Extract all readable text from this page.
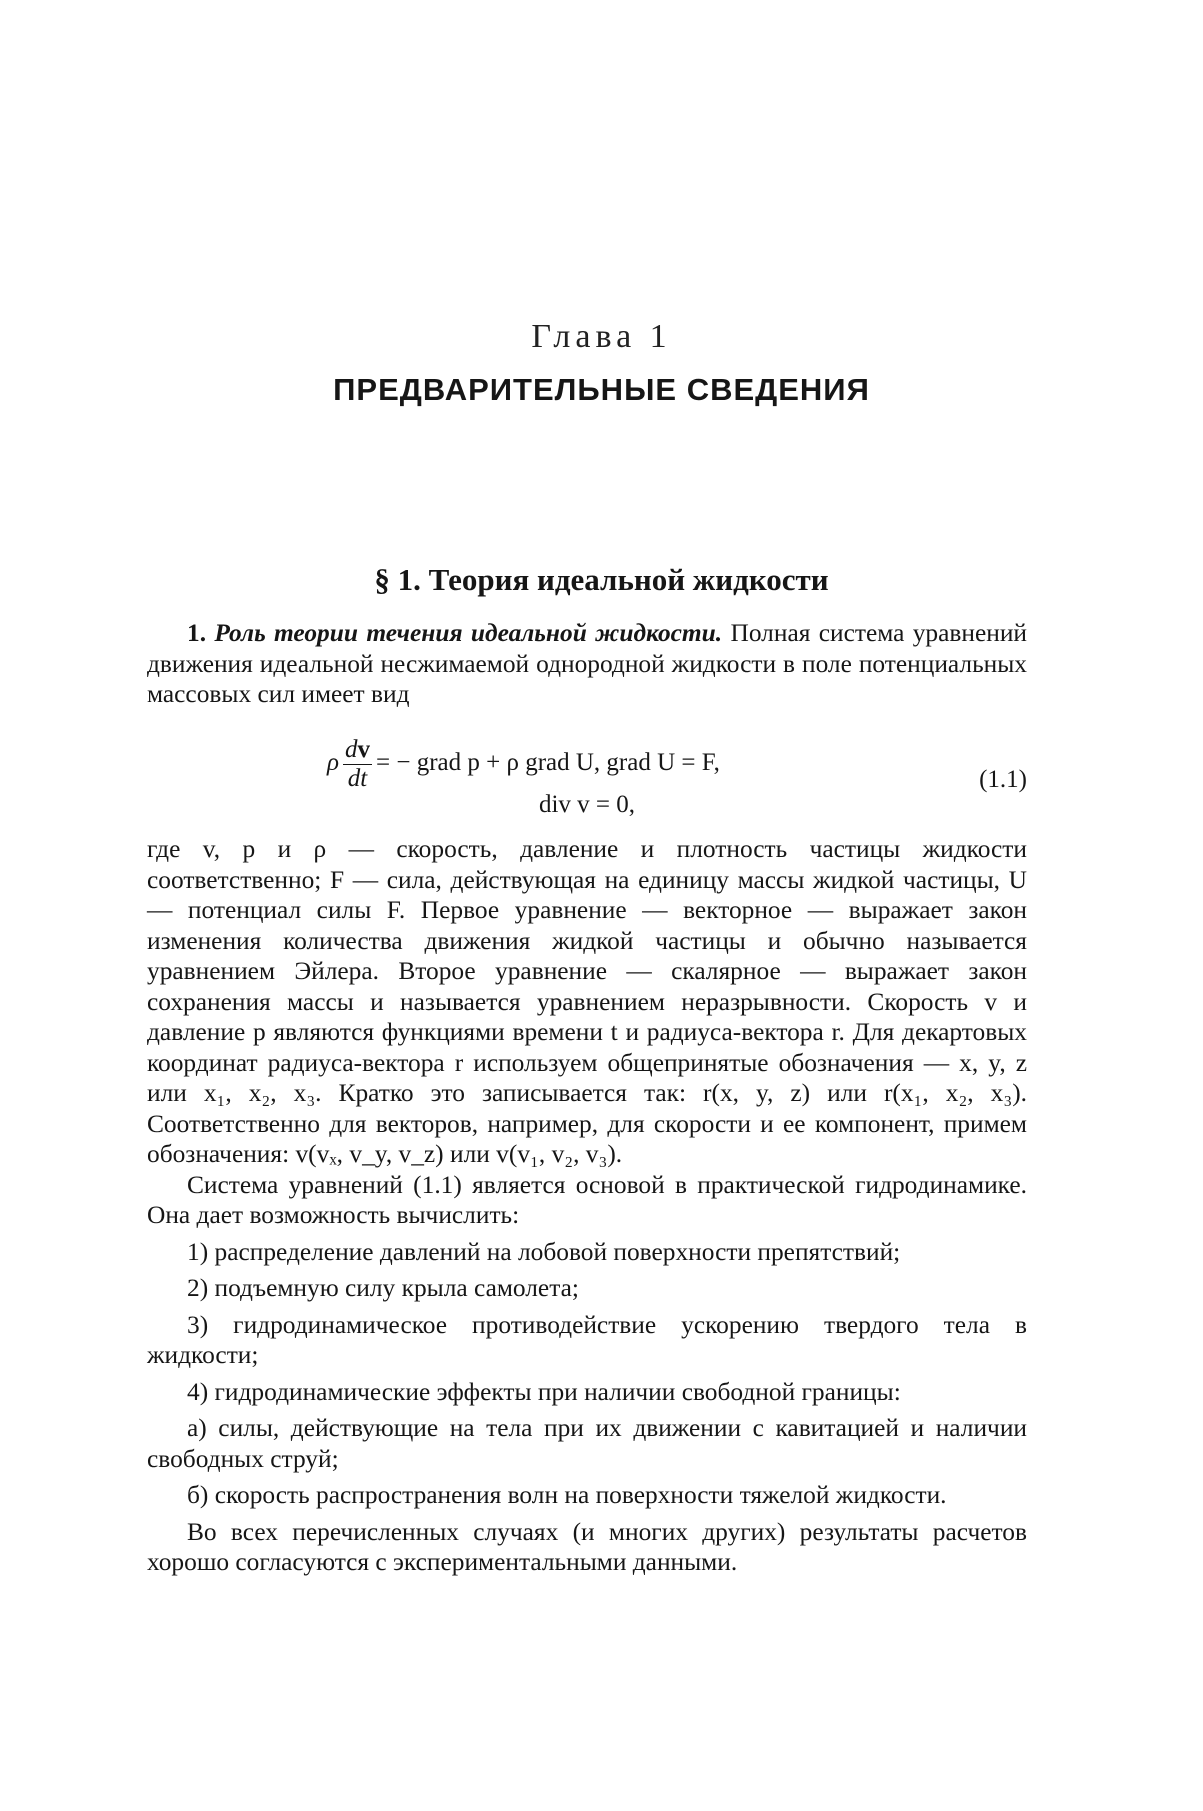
Глава 1
ПРЕДВАРИТЕЛЬНЫЕ СВЕДЕНИЯ
§ 1. Теория идеальной жидкости

1. Роль теории течения идеальной жидкости. Полная система уравнений движения идеальной несжимаемой однородной жидкости в поле потенциальных массовых сил имеет вид

ρ $\frac{dv}{dt}$ = − grad p + ρ grad U, grad U = F,
div v = 0,
(1.1)

где v, p и ρ — скорость, давление и плотность частицы жидкости соответственно; F — сила, действующая на единицу массы жидкой частицы, U — потенциал силы F. Первое уравнение — векторное — выражает закон изменения количества движения жидкой частицы и обычно называется уравнением Эйлера. Второе уравнение — скалярное — выражает закон сохранения массы и называется уравнением неразрывности. Скорость v и давление p являются функциями времени t и радиуса-вектора r. Для декартовых координат радиуса-вектора r используем общепринятые обозначения — x, y, z или x₁, x₂, x₃. Кратко это записывается так: r(x, y, z) или r(x₁, x₂, x₃). Соответственно для векторов, например, для скорости и ее компонент, примем обозначения: v(vₓ, v_y, v_z) или v(v₁, v₂, v₃).

Система уравнений (1.1) является основой в практической гидродинамике. Она дает возможность вычислить:

1) распределение давлений на лобовой поверхности препятствий;

2) подъемную силу крыла самолета;

3) гидродинамическое противодействие ускорению твердого тела в жидкости;

4) гидродинамические эффекты при наличии свободной границы:

а) силы, действующие на тела при их движении с кавитацией и наличии свободных струй;

б) скорость распространения волн на поверхности тяжелой жидкости.

Во всех перечисленных случаях (и многих других) результаты расчетов хорошо согласуются с экспериментальными данными.
